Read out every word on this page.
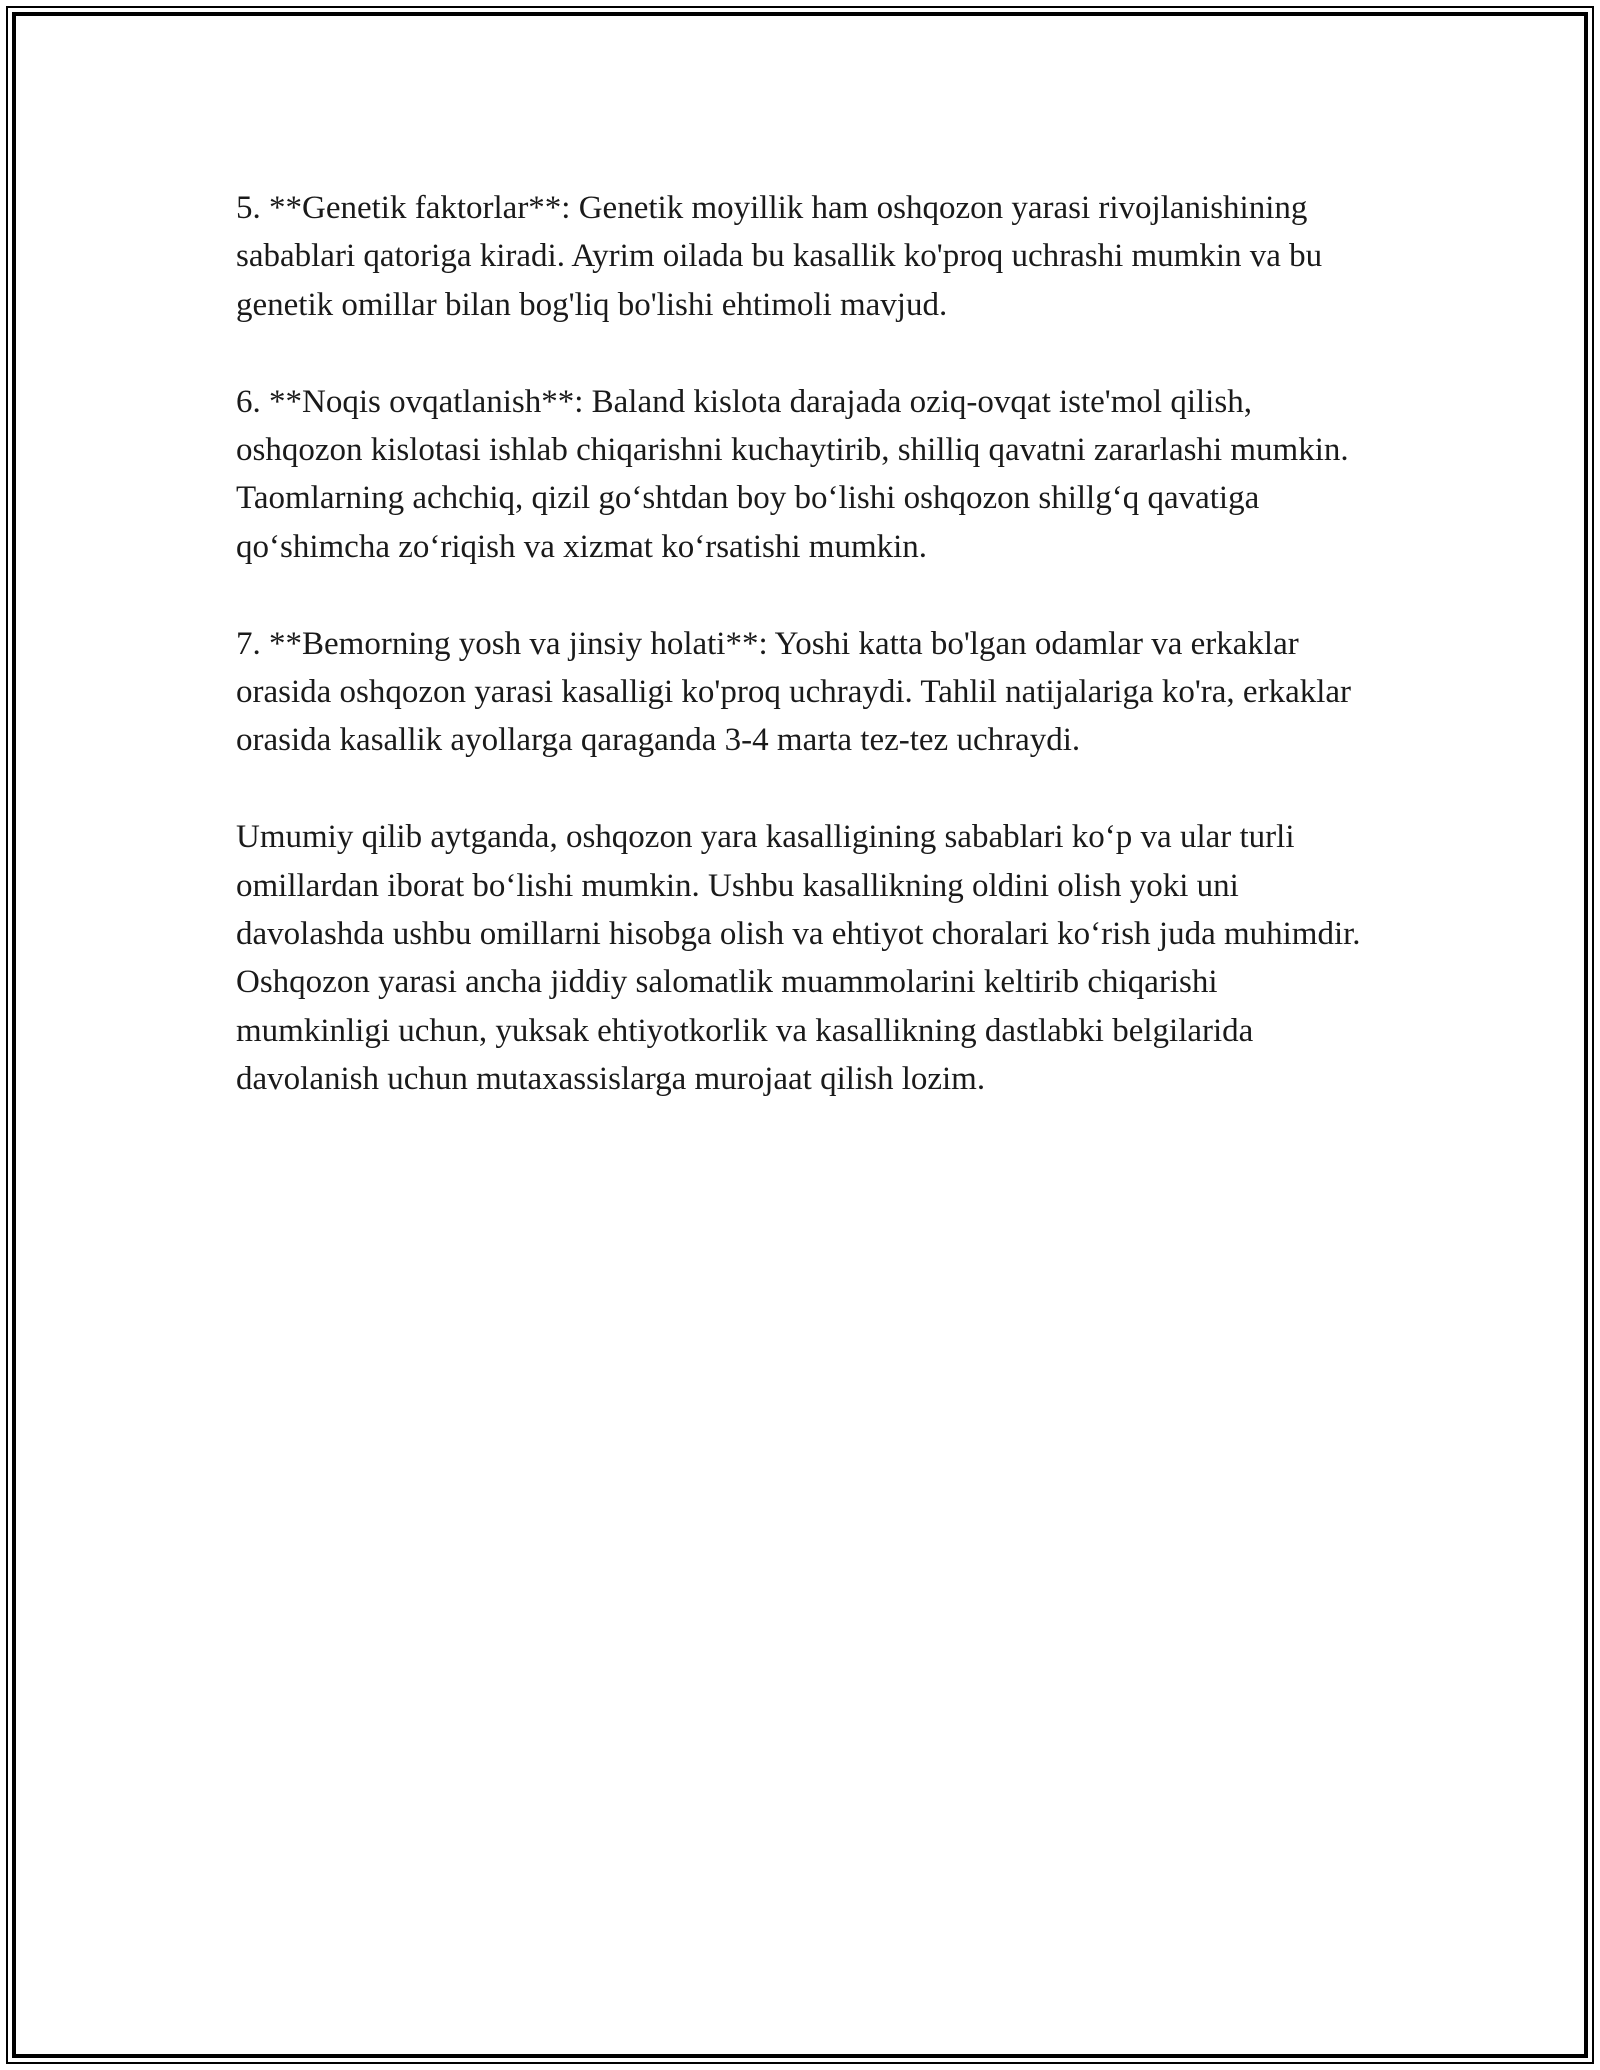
5. **Genetik faktorlar**: Genetik moyillik ham oshqozon yarasi rivojlanishining sabablari qatoriga kiradi. Ayrim oilada bu kasallik ko'proq uchrashi mumkin va bu genetik omillar bilan bog'liq bo'lishi ehtimoli mavjud.

6. **Noqis ovqatlanish**: Baland kislota darajada oziq-ovqat iste'mol qilish, oshqozon kislotasi ishlab chiqarishni kuchaytirib, shilliq qavatni zararlashi mumkin. Taomlarning achchiq, qizil goʻshtdan boy boʻlishi oshqozon shillgʻq qavatiga qoʻshimcha zoʻriqish va xizmat koʻrsatishi mumkin.

7. **Bemorning yosh va jinsiy holati**: Yoshi katta bo'lgan odamlar va erkaklar orasida oshqozon yarasi kasalligi ko'proq uchraydi. Tahlil natijalariga ko'ra, erkaklar orasida kasallik ayollarga qaraganda 3-4 marta tez-tez uchraydi.

Umumiy qilib aytganda, oshqozon yara kasalligining sabablari koʻp va ular turli omillardan iborat boʻlishi mumkin. Ushbu kasallikning oldini olish yoki uni davolashda ushbu omillarni hisobga olish va ehtiyot choralari koʻrish juda muhimdir. Oshqozon yarasi ancha jiddiy salomatlik muammolarini keltirib chiqarishi mumkinligi uchun, yuksak ehtiyotkorlik va kasallikning dastlabki belgilarida davolanish uchun mutaxassislarga murojaat qilish lozim.
